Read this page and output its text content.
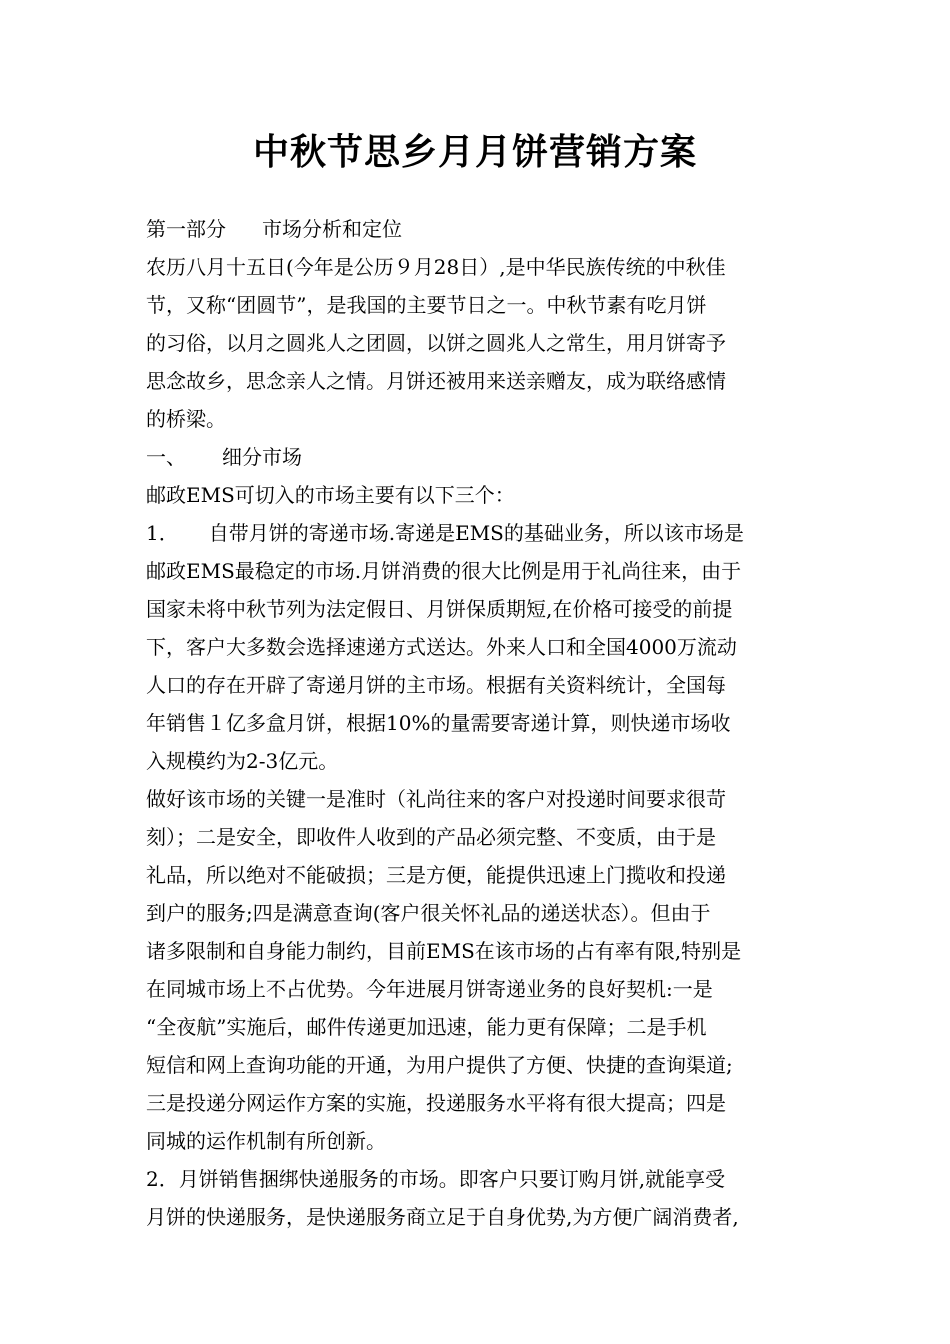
中秋节思乡月月饼营销方案
第一部分 市场分析和定位
农历八月十五日(今年是公历９月28日）,是中华民族传统的中秋佳
节，又称“团圆节”，是我国的主要节日之一。中秋节素有吃月饼
的习俗，以月之圆兆人之团圆，以饼之圆兆人之常生，用月饼寄予
思念故乡，思念亲人之情。月饼还被用来送亲赠友，成为联络感情
的桥梁。
一、 细分市场
邮政EMS可切入的市场主要有以下三个：
1． 自带月饼的寄递市场.寄递是EMS的基础业务，所以该市场是
邮政EMS最稳定的市场.月饼消费的很大比例是用于礼尚往来，由于
国家未将中秋节列为法定假日、月饼保质期短,在价格可接受的前提
下，客户大多数会选择速递方式送达。外来人口和全国4000万流动
人口的存在开辟了寄递月饼的主市场。根据有关资料统计，全国每
年销售１亿多盒月饼，根据10%的量需要寄递计算，则快递市场收
入规模约为2-3亿元。
做好该市场的关键一是准时（礼尚往来的客户对投递时间要求很苛
刻）；二是安全，即收件人收到的产品必须完整、不变质，由于是
礼品，所以绝对不能破损；三是方便，能提供迅速上门揽收和投递
到户的服务;四是满意查询(客户很关怀礼品的递送状态）。但由于
诸多限制和自身能力制约，目前EMS在该市场的占有率有限,特别是
在同城市场上不占优势。今年进展月饼寄递业务的良好契机:一是
“全夜航”实施后，邮件传递更加迅速，能力更有保障；二是手机
短信和网上查询功能的开通，为用户提供了方便、快捷的查询渠道;
三是投递分网运作方案的实施，投递服务水平将有很大提高；四是
同城的运作机制有所创新。
2．月饼销售捆绑快递服务的市场。即客户只要订购月饼,就能享受
月饼的快递服务，是快递服务商立足于自身优势,为方便广阔消费者,
